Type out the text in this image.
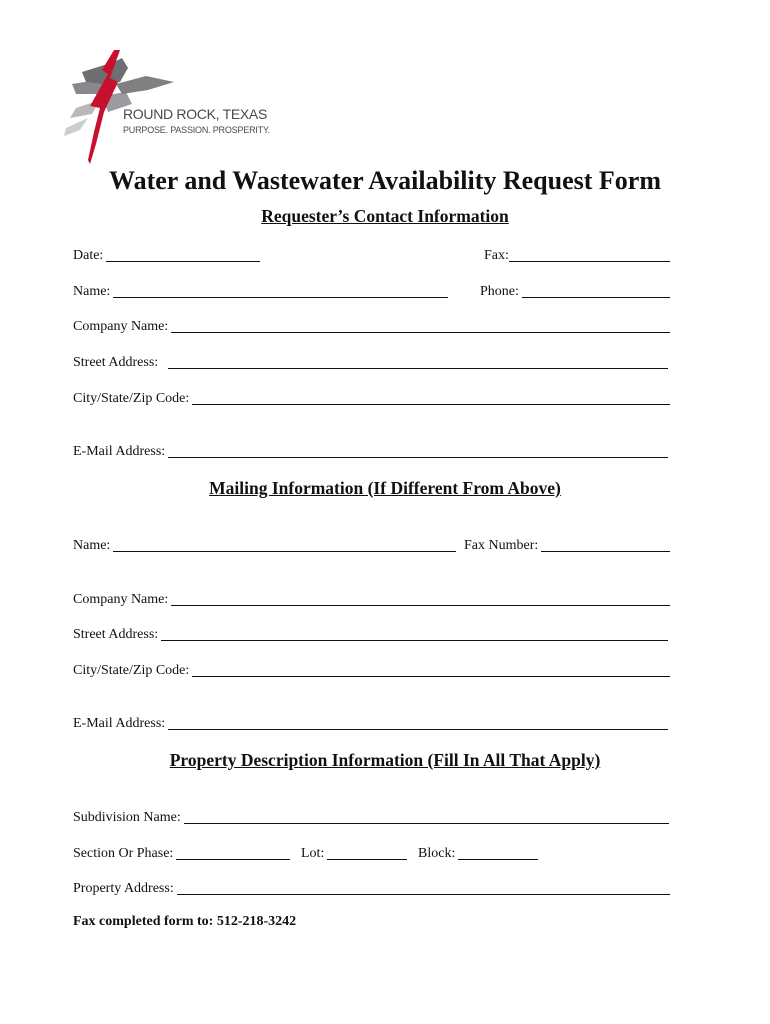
ROUND ROCK, TEXAS
PURPOSE. PASSION. PROSPERITY.
Water and Wastewater Availability Request Form
Requester’s Contact Information
Date:	Fax:
Name:	Phone:
Company Name:
Street Address:
City/State/Zip Code:
E-Mail Address:
Mailing Information (If Different From Above)
Name:	Fax Number:
Company Name:
Street Address:
City/State/Zip Code:
E-Mail Address:
Property Description Information (Fill In All That Apply)
Subdivision Name:
Section Or Phase:	Lot:	Block:
Property Address:
Fax completed form to: 512-218-3242
